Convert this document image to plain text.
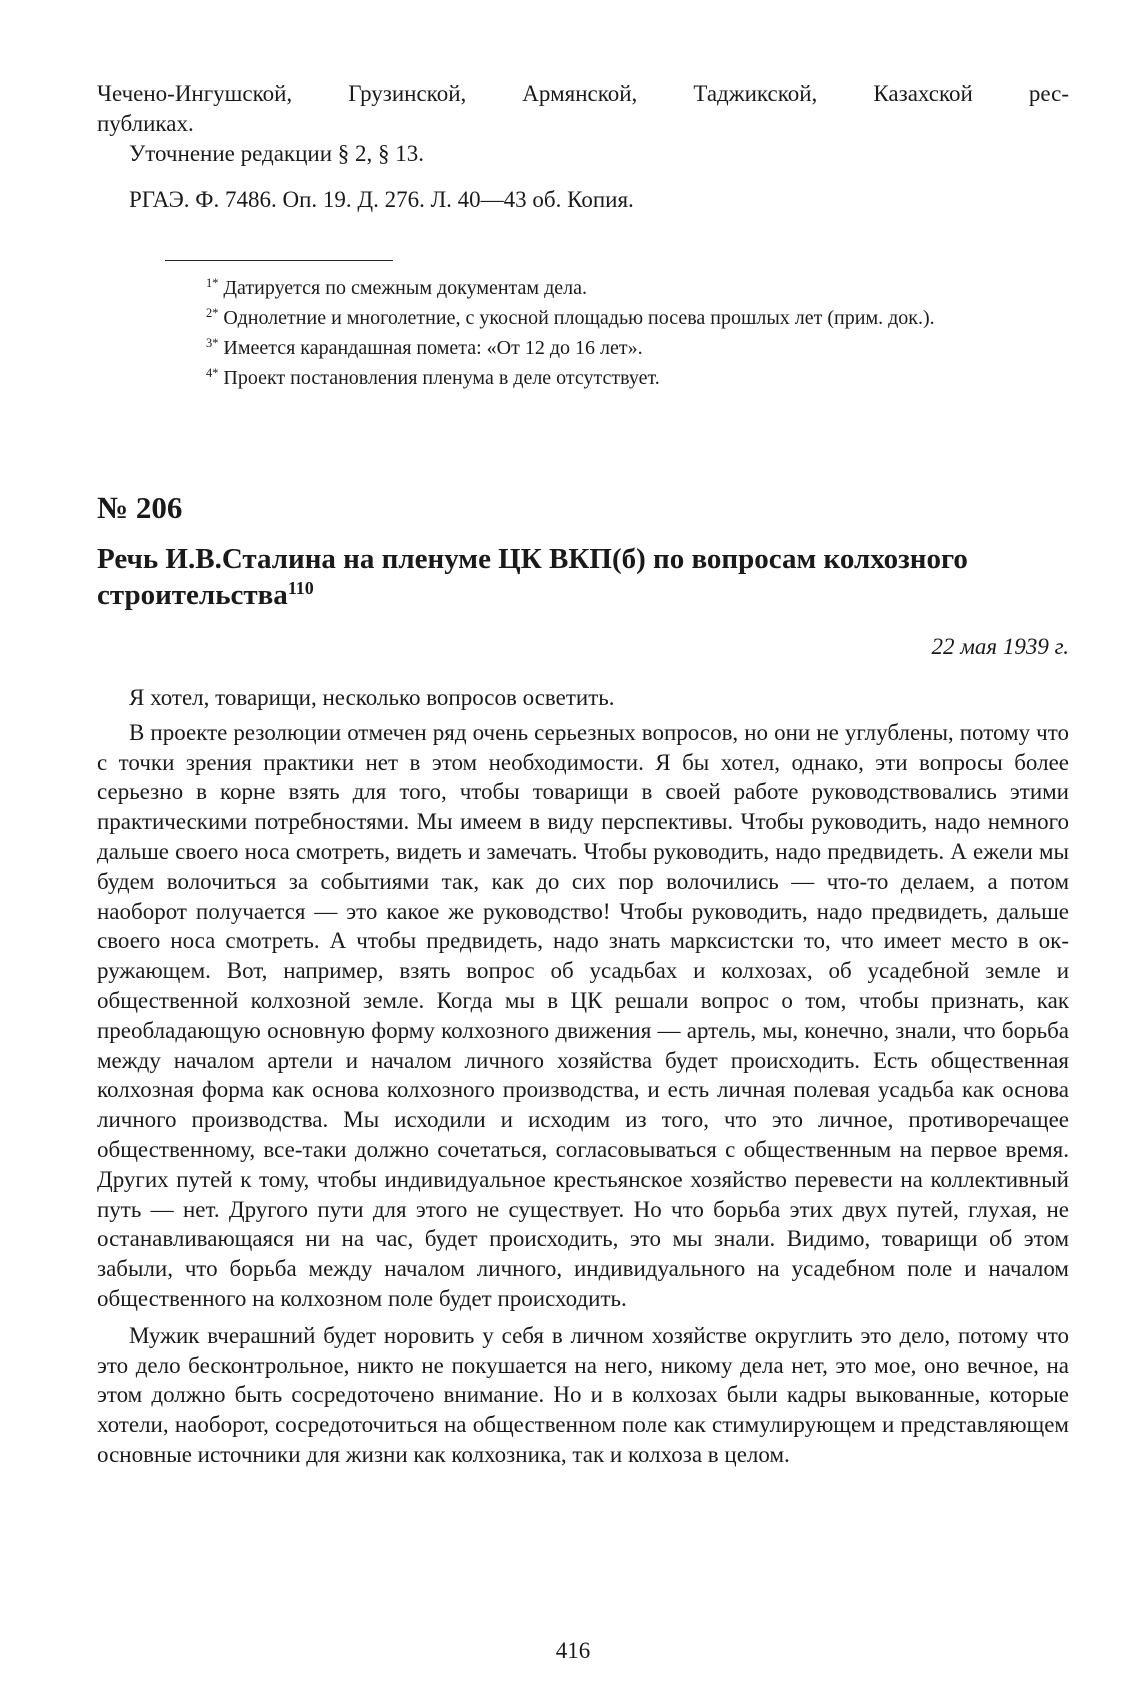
Чечено-Ингушской, Грузинской, Армянской, Таджикской, Казахской рес-

публиках.

Уточнение редакции § 2, § 13.

РГАЭ. Ф. 7486. Оп. 19. Д. 276. Л. 40—43 об. Копия.

$^{1*}$ Датируется по смежным документам дела.

$^{2*}$ Однолетние и многолетние, с укосной площадью посева прошлых лет (прим. док.).

$^{3*}$ Имеется карандашная помета: «От 12 до 16 лет».

$^{4*}$ Проект постановления пленума в деле отсутствует.

№ 206
Речь И.В.Сталина на пленуме ЦК ВКП(б) по вопросам колхозного строительства$^{110}$
22 мая 1939 г.

Я хотел, товарищи, несколько вопросов осветить.

В проекте резолюции отмечен ряд очень серьезных вопросов, но они не углублены, потому что с точки зрения практики нет в этом необходимости. Я бы хотел, однако, эти вопросы более серьезно в корне взять для того, чтобы товарищи в своей работе руководствовались этими практическими потребностями. Мы имеем в виду перспективы. Чтобы руководить, надо немного дальше своего носа смотреть, видеть и замечать. Чтобы руководить, надо предвидеть. А ежели мы будем волочиться за событиями так, как до сих пор волочились — что-то делаем, а потом наоборот получается — это какое же руководство! Чтобы руководить, надо предвидеть, дальше своего носа смотреть. А чтобы предвидеть, надо знать марксистски то, что имеет место в окружающем. Вот, например, взять вопрос об усадьбах и колхозах, об усадебной земле и общественной колхозной земле. Когда мы в ЦК решали вопрос о том, чтобы признать, как преобладающую основную форму колхозного движения — артель, мы, конечно, знали, что борьба между началом артели и началом личного хозяйства будет происходить. Есть общественная колхозная форма как основа колхозного производства, и есть личная полевая усадьба как основа личного производства. Мы исходили и исходим из того, что это личное, противоречащее общественному, все-таки должно сочетаться, согласовываться с общественным на первое время. Других путей к тому, чтобы индивидуальное крестьянское хозяйство перевести на коллективный путь — нет. Другого пути для этого не существует. Но что борьба этих двух путей, глухая, не останавливающаяся ни на час, будет происходить, это мы знали. Видимо, товарищи об этом забыли, что борьба между началом личного, индивидуального на усадебном поле и началом общественного на колхозном поле будет происходить.

Мужик вчерашний будет норовить у себя в личном хозяйстве округлить это дело, потому что это дело бесконтрольное, никто не покушается на него, никому дела нет, это мое, оно вечное, на этом должно быть сосредоточено внимание. Но и в колхозах были кадры выкованные, которые хотели, наоборот, сосредоточиться на общественном поле как стимулирующем и представляющем основные источники для жизни как колхозника, так и колхоза в целом.

416
